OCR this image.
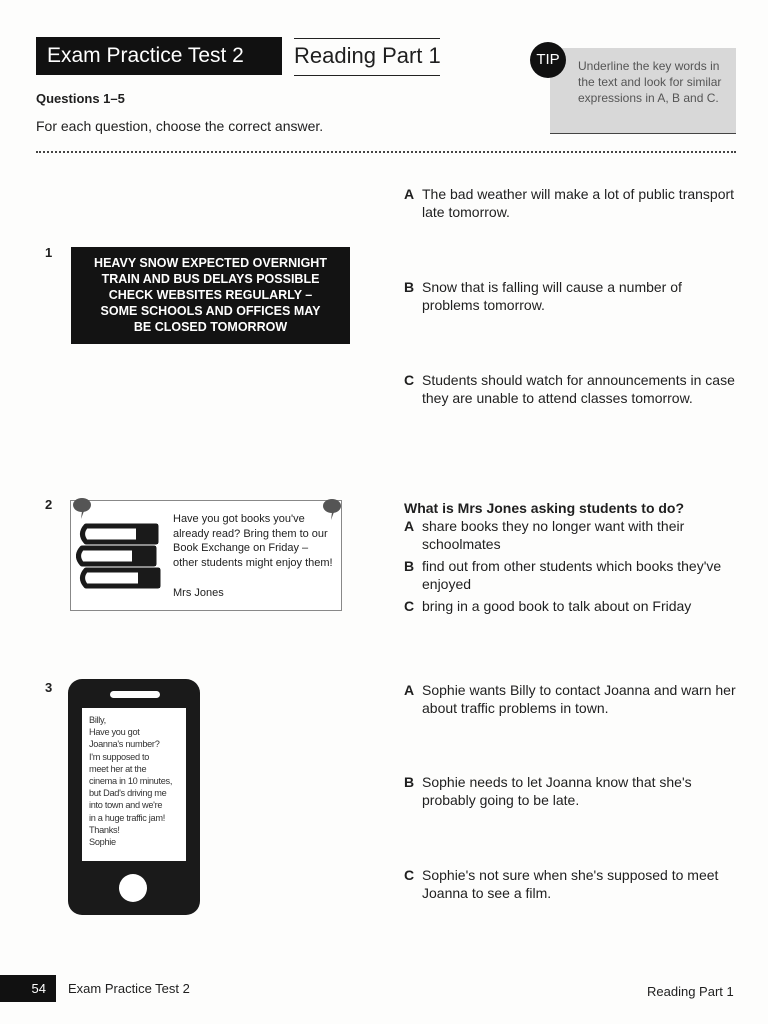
Exam Practice Test 2	Reading Part 1	TIP	Underline the key words in the text and look for similar expressions in A, B and C.
Questions 1–5
For each question, choose the correct answer.
1
HEAVY SNOW EXPECTED OVERNIGHT
TRAIN AND BUS DELAYS POSSIBLE
CHECK WEBSITES REGULARLY –
SOME SCHOOLS AND OFFICES MAY
BE CLOSED TOMORROW
A The bad weather will make a lot of public transport late tomorrow.
B Snow that is falling will cause a number of problems tomorrow.
C Students should watch for announcements in case they are unable to attend classes tomorrow.
2
Have you got books you've already read? Bring them to our Book Exchange on Friday – other students might enjoy them!
Mrs Jones
What is Mrs Jones asking students to do?
A share books they no longer want with their schoolmates
B find out from other students which books they've enjoyed
C bring in a good book to talk about on Friday
3
Billy,
Have you got
Joanna's number?
I'm supposed to
meet her at the
cinema in 10 minutes,
but Dad's driving me
into town and we're
in a huge traffic jam!
Thanks!
Sophie
A Sophie wants Billy to contact Joanna and warn her about traffic problems in town.
B Sophie needs to let Joanna know that she's probably going to be late.
C Sophie's not sure when she's supposed to meet Joanna to see a film.
54	Exam Practice Test 2	Reading Part 1
